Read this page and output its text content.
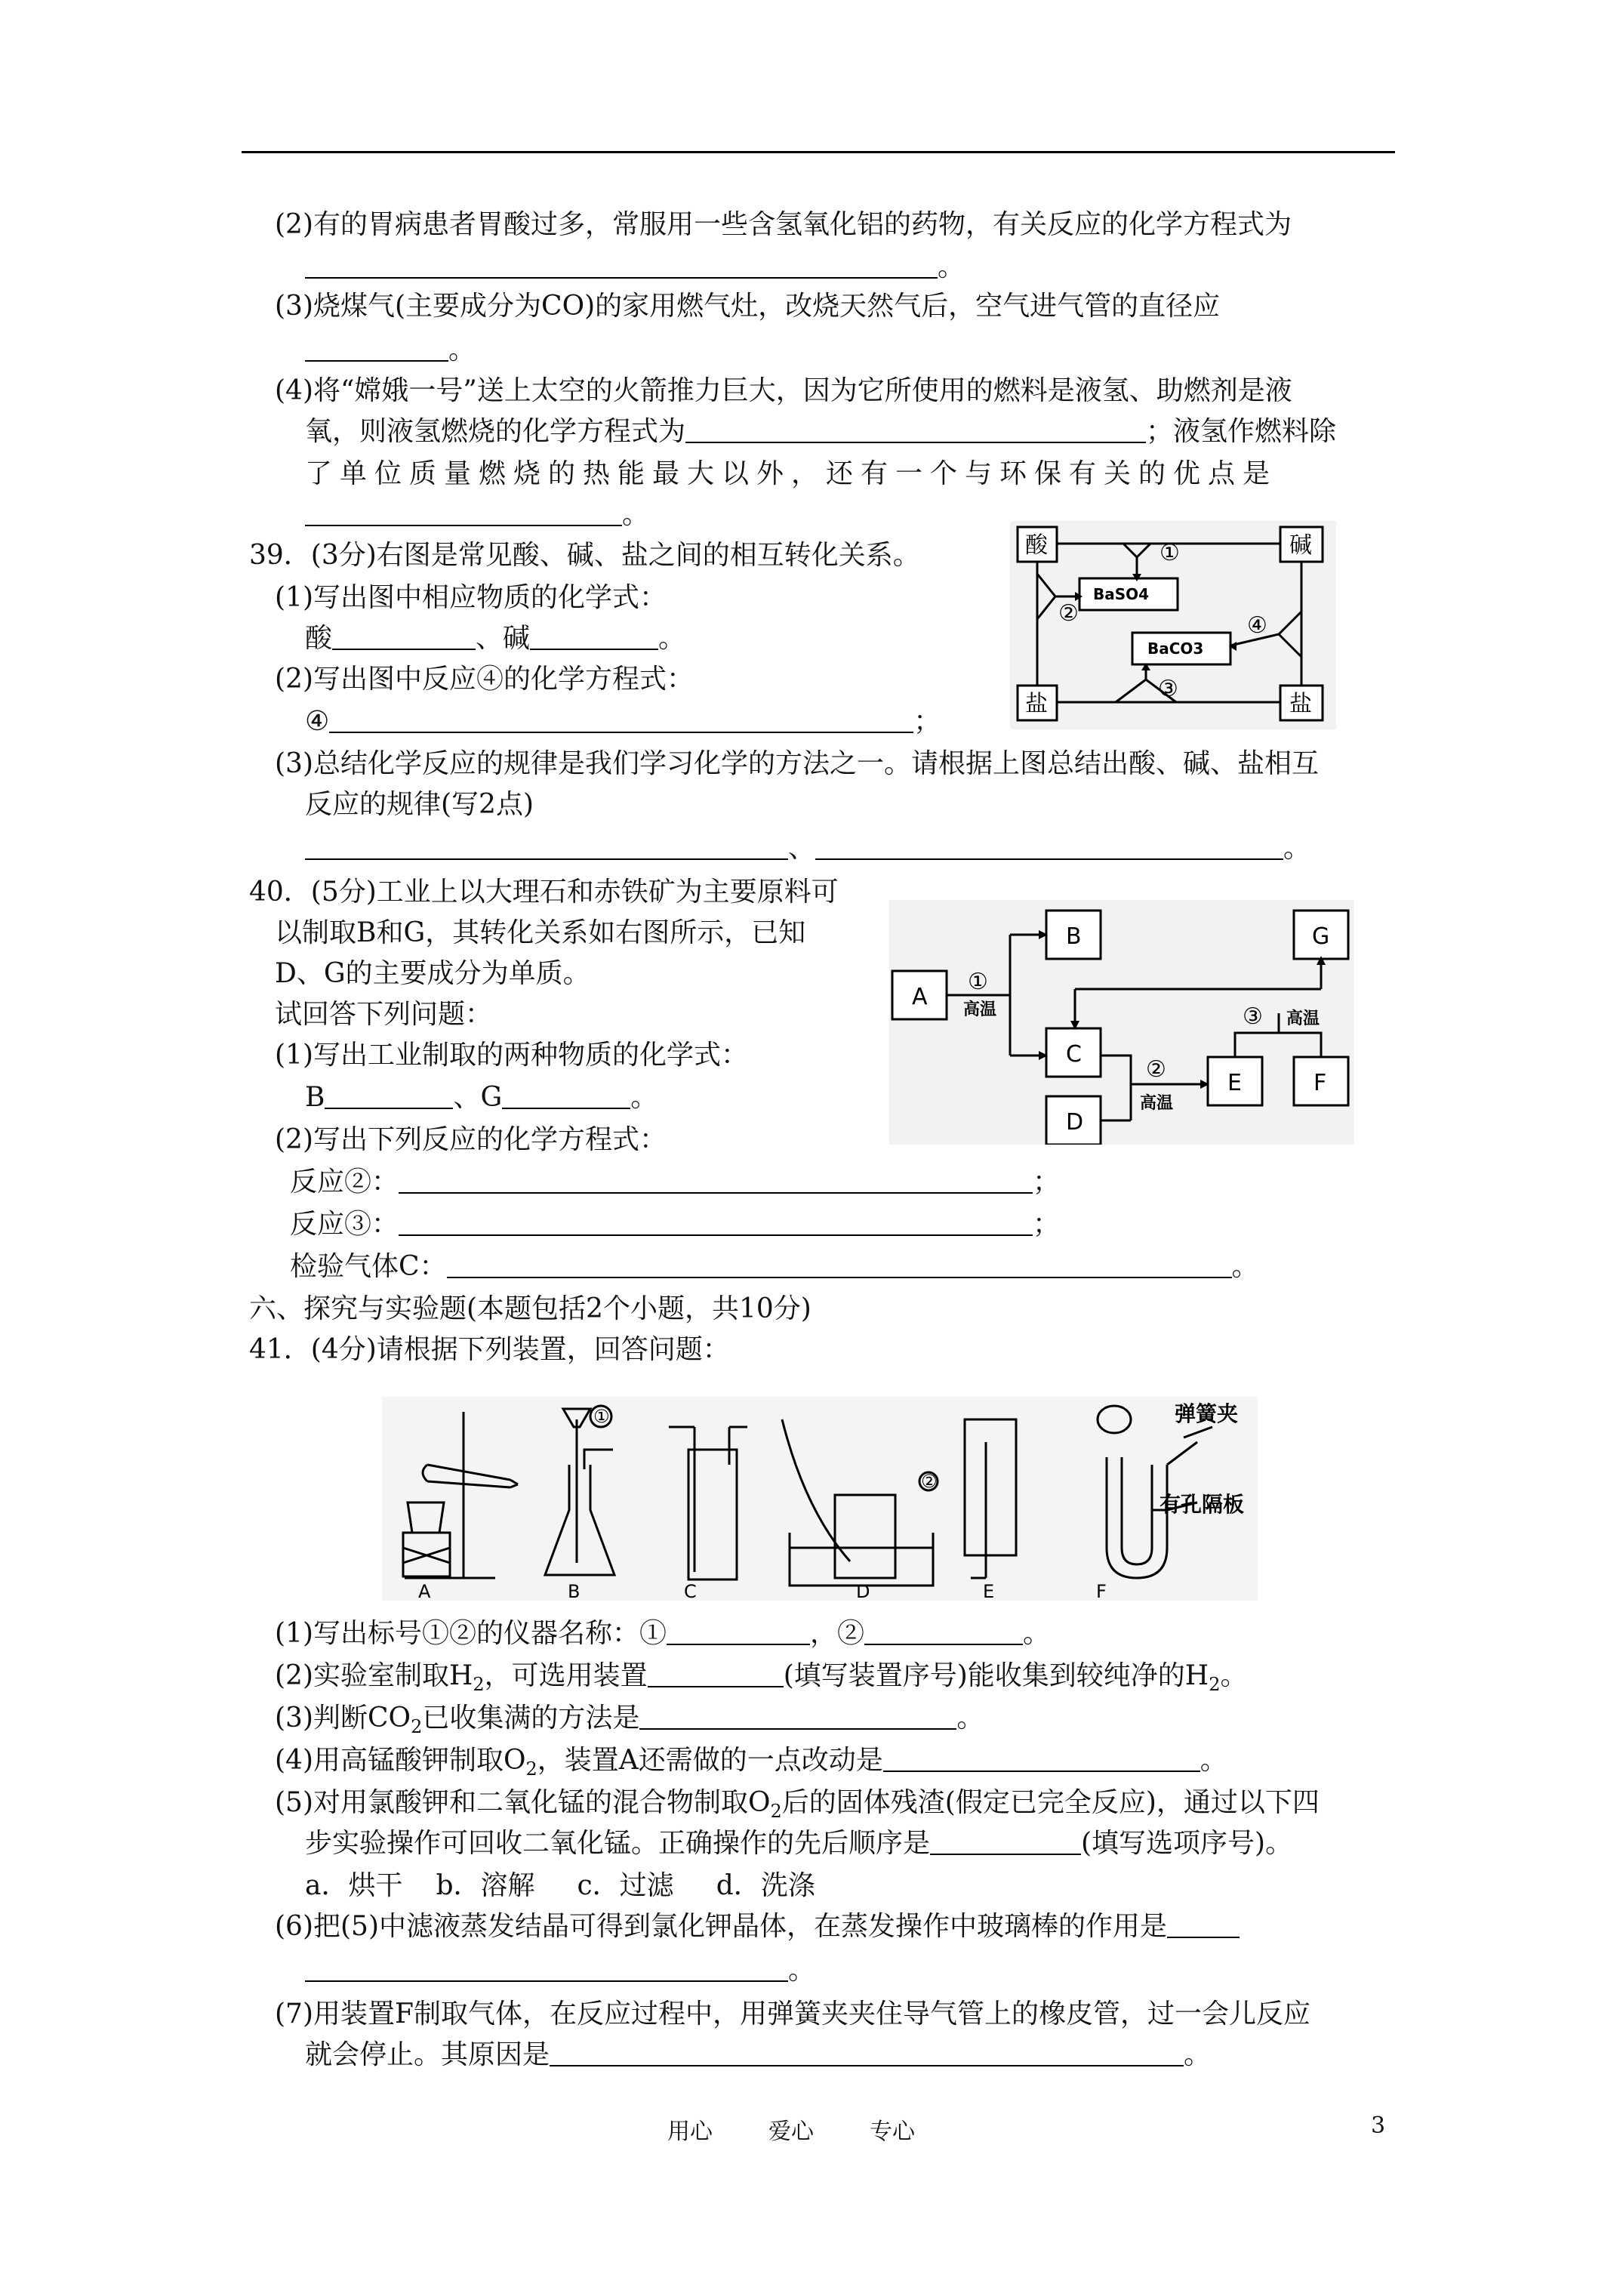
(2)有的胃病患者胃酸过多，常服用一些含氢氧化铝的药物，有关反应的化学方程式为
。
(3)烧煤气(主要成分为CO)的家用燃气灶，改烧天然气后，空气进气管的直径应
。
(4)将“嫦娥一号”送上太空的火箭推力巨大，因为它所使用的燃料是液氢、助燃剂是液
氧，则液氢燃烧的化学方程式为	；液氢作燃料除
了单位质量燃烧的热能最大以外，还有一个与环保有关的优点是
。
39．(3分)右图是常见酸、碱、盐之间的相互转化关系。
(1)写出图中相应物质的化学式：
酸	、碱	。
(2)写出图中反应④的化学方程式：
④	；
(3)总结化学反应的规律是我们学习化学的方法之一。请根据上图总结出酸、碱、盐相互
反应的规律(写2点)
、	。
酸	碱
盐	盐
①
②
③
④
BaSO4
BaCO3
40．(5分)工业上以大理石和赤铁矿为主要原料可
以制取B和G，其转化关系如右图所示，已知
D、G的主要成分为单质。
试回答下列问题：
(1)写出工业制取的两种物质的化学式：
B	、G	。
(2)写出下列反应的化学方程式：
反应②：	；
反应③：	；
检验气体C：	。
A
B
C
D
E	F
G
①
②
③
高温
高温
高温
六、探究与实验题(本题包括2个小题，共10分)
41．(4分)请根据下列装置，回答问题：
A	B	C	D	E	F
①
②
弹簧夹
有孔隔板
(1)写出标号①②的仪器名称：①	，②	。
(2)实验室制取$H_2$，可选用装置	(填写装置序号)能收集到较纯净的$H_2$。
(3)判断$CO_2$已收集满的方法是	。
(4)用高锰酸钾制取$O_2$，装置A还需做的一点改动是	。
(5)对用氯酸钾和二氧化锰的混合物制取$O_2$后的固体残渣(假定已完全反应)，通过以下四
步实验操作可回收二氧化锰。正确操作的先后顺序是	(填写选项序号)。
a．烘干 b．溶解 c．过滤 d．洗涤
(6)把(5)中滤液蒸发结晶可得到氯化钾晶体，在蒸发操作中玻璃棒的作用是
。
(7)用装置F制取气体，在反应过程中，用弹簧夹夹住导气管上的橡皮管，过一会儿反应
就会停止。其原因是	。
用心 爱心 专心	3
